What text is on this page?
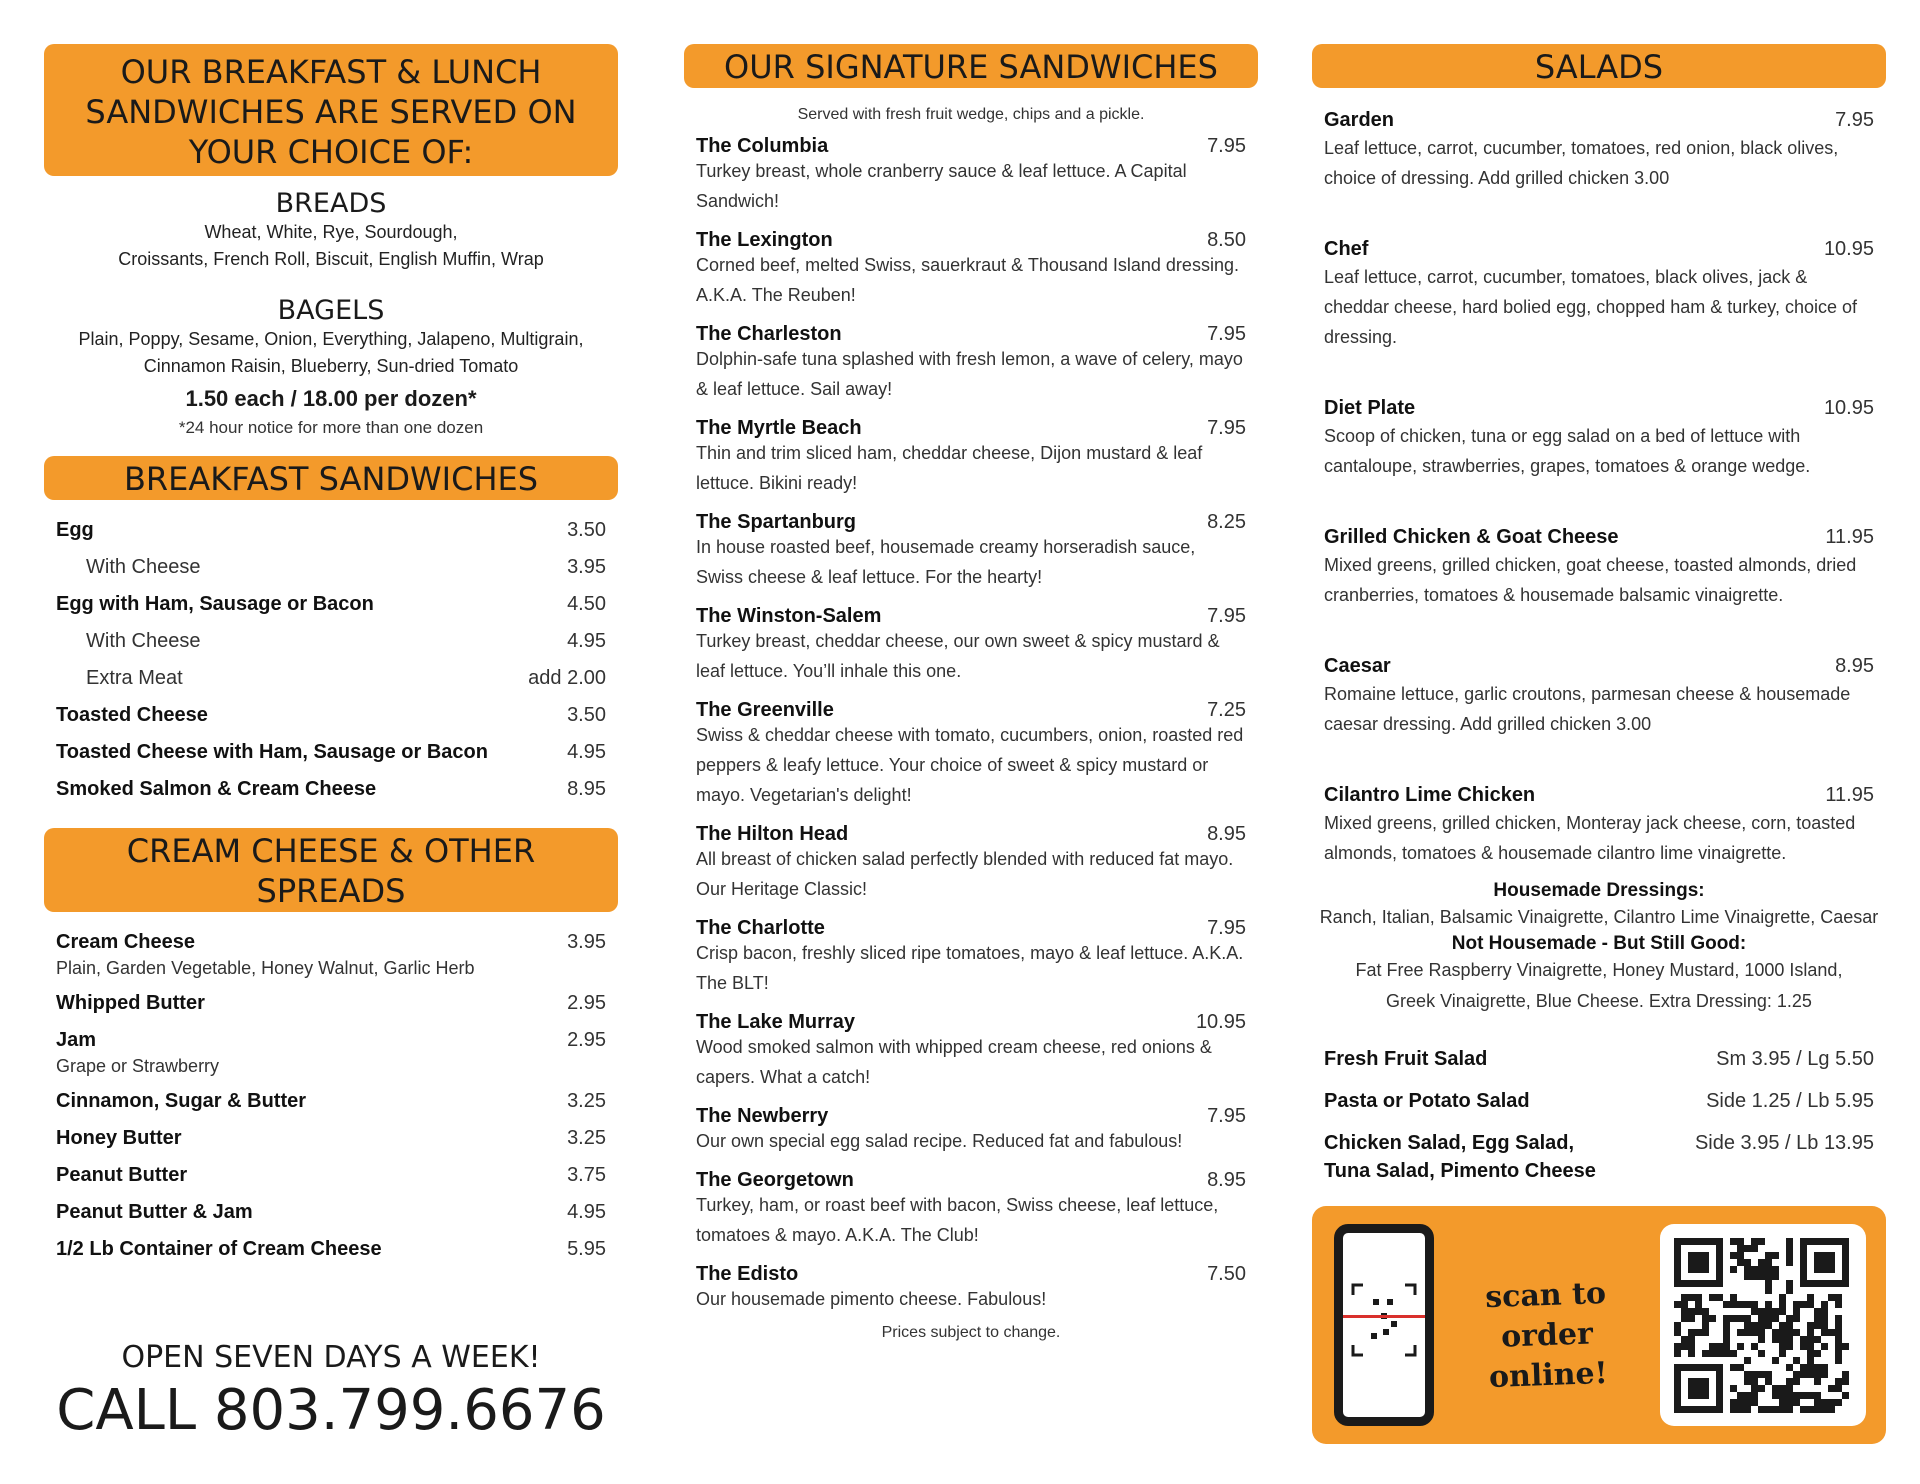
OUR BREAKFAST & LUNCH
SANDWICHES ARE SERVED ON
YOUR CHOICE OF:
BREADS
Wheat, White, Rye, Sourdough,
Croissants, French Roll, Biscuit, English Muffin, Wrap
BAGELS
Plain, Poppy, Sesame, Onion, Everything, Jalapeno, Multigrain,
Cinnamon Raisin, Blueberry, Sun-dried Tomato
1.50 each / 18.00 per dozen*
*24 hour notice for more than one dozen
BREAKFAST SANDWICHES
Egg	3.50
With Cheese	3.95
Egg with Ham, Sausage or Bacon	4.50
With Cheese	4.95
Extra Meat	add 2.00
Toasted Cheese	3.50
Toasted Cheese with Ham, Sausage or Bacon	4.95
Smoked Salmon & Cream Cheese	8.95
CREAM CHEESE & OTHER SPREADS
Cream Cheese	3.95
Plain, Garden Vegetable, Honey Walnut, Garlic Herb
Whipped Butter	2.95
Jam	2.95
Grape or Strawberry
Cinnamon, Sugar & Butter	3.25
Honey Butter	3.25
Peanut Butter	3.75
Peanut Butter & Jam	4.95
1/2 Lb Container of Cream Cheese	5.95
OPEN SEVEN DAYS A WEEK!
CALL 803.799.6676
OUR SIGNATURE SANDWICHES
Served with fresh fruit wedge, chips and a pickle.
The Columbia	7.95
Turkey breast, whole cranberry sauce & leaf lettuce. A Capital Sandwich!
The Lexington	8.50
Corned beef, melted Swiss, sauerkraut & Thousand Island dressing. A.K.A. The Reuben!
The Charleston	7.95
Dolphin-safe tuna splashed with fresh lemon, a wave of celery, mayo & leaf lettuce. Sail away!
The Myrtle Beach	7.95
Thin and trim sliced ham, cheddar cheese, Dijon mustard & leaf lettuce. Bikini ready!
The Spartanburg	8.25
In house roasted beef, housemade creamy horseradish sauce, Swiss cheese & leaf lettuce. For the hearty!
The Winston-Salem	7.95
Turkey breast, cheddar cheese, our own sweet & spicy mustard & leaf lettuce. You’ll inhale this one.
The Greenville	7.25
Swiss & cheddar cheese with tomato, cucumbers, onion, roasted red peppers & leafy lettuce. Your choice of sweet & spicy mustard or mayo. Vegetarian's delight!
The Hilton Head	8.95
All breast of chicken salad perfectly blended with reduced fat mayo. Our Heritage Classic!
The Charlotte	7.95
Crisp bacon, freshly sliced ripe tomatoes, mayo & leaf lettuce. A.K.A. The BLT!
The Lake Murray	10.95
Wood smoked salmon with whipped cream cheese, red onions & capers. What a catch!
The Newberry	7.95
Our own special egg salad recipe. Reduced fat and fabulous!
The Georgetown	8.95
Turkey, ham, or roast beef with bacon, Swiss cheese, leaf lettuce, tomatoes & mayo. A.K.A. The Club!
The Edisto	7.50
Our housemade pimento cheese. Fabulous!
Prices subject to change.
SALADS
Garden	7.95
Leaf lettuce, carrot, cucumber, tomatoes, red onion, black olives, choice of dressing. Add grilled chicken 3.00
Chef	10.95
Leaf lettuce, carrot, cucumber, tomatoes, black olives, jack & cheddar cheese, hard bolied egg, chopped ham & turkey, choice of dressing.
Diet Plate	10.95
Scoop of chicken, tuna or egg salad on a bed of lettuce with cantaloupe, strawberries, grapes, tomatoes & orange wedge.
Grilled Chicken & Goat Cheese	11.95
Mixed greens, grilled chicken, goat cheese, toasted almonds, dried cranberries, tomatoes & housemade balsamic vinaigrette.
Caesar	8.95
Romaine lettuce, garlic croutons, parmesan cheese & housemade caesar dressing. Add grilled chicken 3.00
Cilantro Lime Chicken	11.95
Mixed greens, grilled chicken, Monteray jack cheese, corn, toasted almonds, tomatoes & housemade cilantro lime vinaigrette.
Housemade Dressings:
Ranch, Italian, Balsamic Vinaigrette, Cilantro Lime Vinaigrette, Caesar
Not Housemade - But Still Good:
Fat Free Raspberry Vinaigrette, Honey Mustard, 1000 Island,
Greek Vinaigrette, Blue Cheese. Extra Dressing: 1.25
Fresh Fruit Salad	Sm 3.95 / Lg 5.50
Pasta or Potato Salad	Side 1.25 / Lb 5.95
Chicken Salad, Egg Salad,
Tuna Salad, Pimento Cheese
Side 3.95 / Lb 13.95
scan to
order online!
